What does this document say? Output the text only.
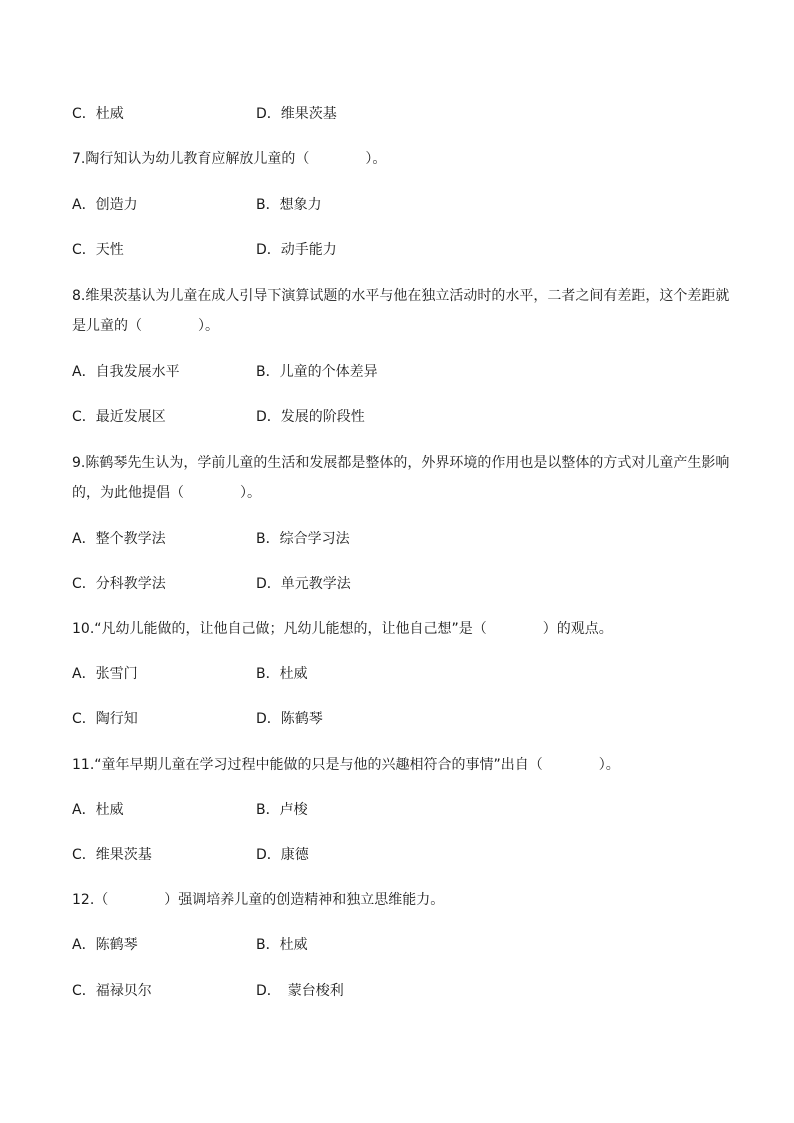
C．杜威	D．维果茨基
7.陶行知认为幼儿教育应解放儿童的（　　　　）。
A．创造力	B．想象力
C．天性	D．动手能力
8.维果茨基认为儿童在成人引导下演算试题的水平与他在独立活动时的水平，二者之间有差距，这个差距就
是儿童的（　　　　）。
A．自我发展水平	B．儿童的个体差异
C．最近发展区	D．发展的阶段性
9.陈鹤琴先生认为，学前儿童的生活和发展都是整体的，外界环境的作用也是以整体的方式对儿童产生影响
的，为此他提倡（　　　　）。
A．整个教学法	B．综合学习法
C．分科教学法	D．单元教学法
10.“凡幼儿能做的，让他自己做；凡幼儿能想的，让他自己想”是（　　　　）的观点。
A．张雪门	B．杜威
C．陶行知	D．陈鹤琴
11.“童年早期儿童在学习过程中能做的只是与他的兴趣相符合的事情”出自（　　　　）。
A．杜威	B．卢梭
C．维果茨基	D．康德
12.（　　　　）强调培养儿童的创造精神和独立思维能力。
A．陈鹤琴	B．杜威
C．福禄贝尔	D．　蒙台梭利
